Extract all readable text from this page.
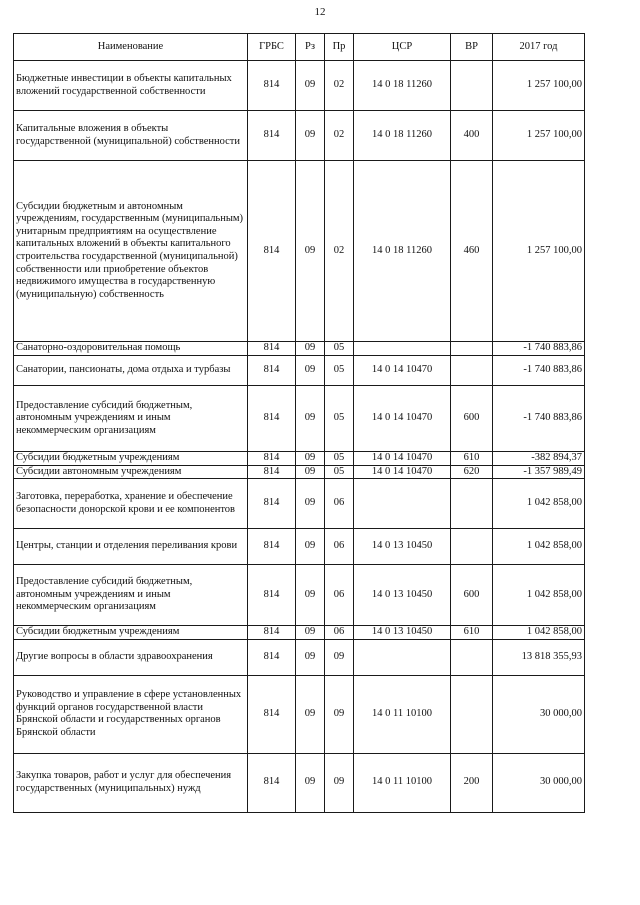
12
Наименование	ГРБС	Рз	Пр	ЦСР	ВР	2017 год
Бюджетные инвестиции в объекты капитальных вложений государственной собственности	814	09	02	14 0 18 11260		1 257 100,00
Капитальные вложения в объекты государственной (муниципальной) собственности	814	09	02	14 0 18 11260	400	1 257 100,00
Субсидии бюджетным и автономным учреждениям, государственным (муниципальным) унитарным предприятиям на осуществление капитальных вложений в объекты капитального строительства государственной (муниципальной) собственности или приобретение объектов недвижимого имущества в государственную (муниципальную) собственность	814	09	02	14 0 18 11260	460	1 257 100,00
Санаторно-оздоровительная помощь	814	09	05			-1 740 883,86
Санатории, пансионаты, дома отдыха и турбазы	814	09	05	14 0 14 10470		-1 740 883,86
Предоставление субсидий бюджетным, автономным учреждениям и иным некоммерческим организациям	814	09	05	14 0 14 10470	600	-1 740 883,86
Субсидии бюджетным учреждениям	814	09	05	14 0 14 10470	610	-382 894,37
Субсидии автономным учреждениям	814	09	05	14 0 14 10470	620	-1 357 989,49
Заготовка, переработка, хранение и обеспечение безопасности донорской крови и ее компонентов	814	09	06			1 042 858,00
Центры, станции и отделения переливания крови	814	09	06	14 0 13 10450		1 042 858,00
Предоставление субсидий бюджетным, автономным учреждениям и иным некоммерческим организациям	814	09	06	14 0 13 10450	600	1 042 858,00
Субсидии бюджетным учреждениям	814	09	06	14 0 13 10450	610	1 042 858,00
Другие вопросы в области здравоохранения	814	09	09			13 818 355,93
Руководство и управление в сфере установленных функций органов государственной власти Брянской области и государственных органов Брянской области	814	09	09	14 0 11 10100		30 000,00
Закупка товаров, работ и услуг для обеспечения государственных (муниципальных) нужд	814	09	09	14 0 11 10100	200	30 000,00
